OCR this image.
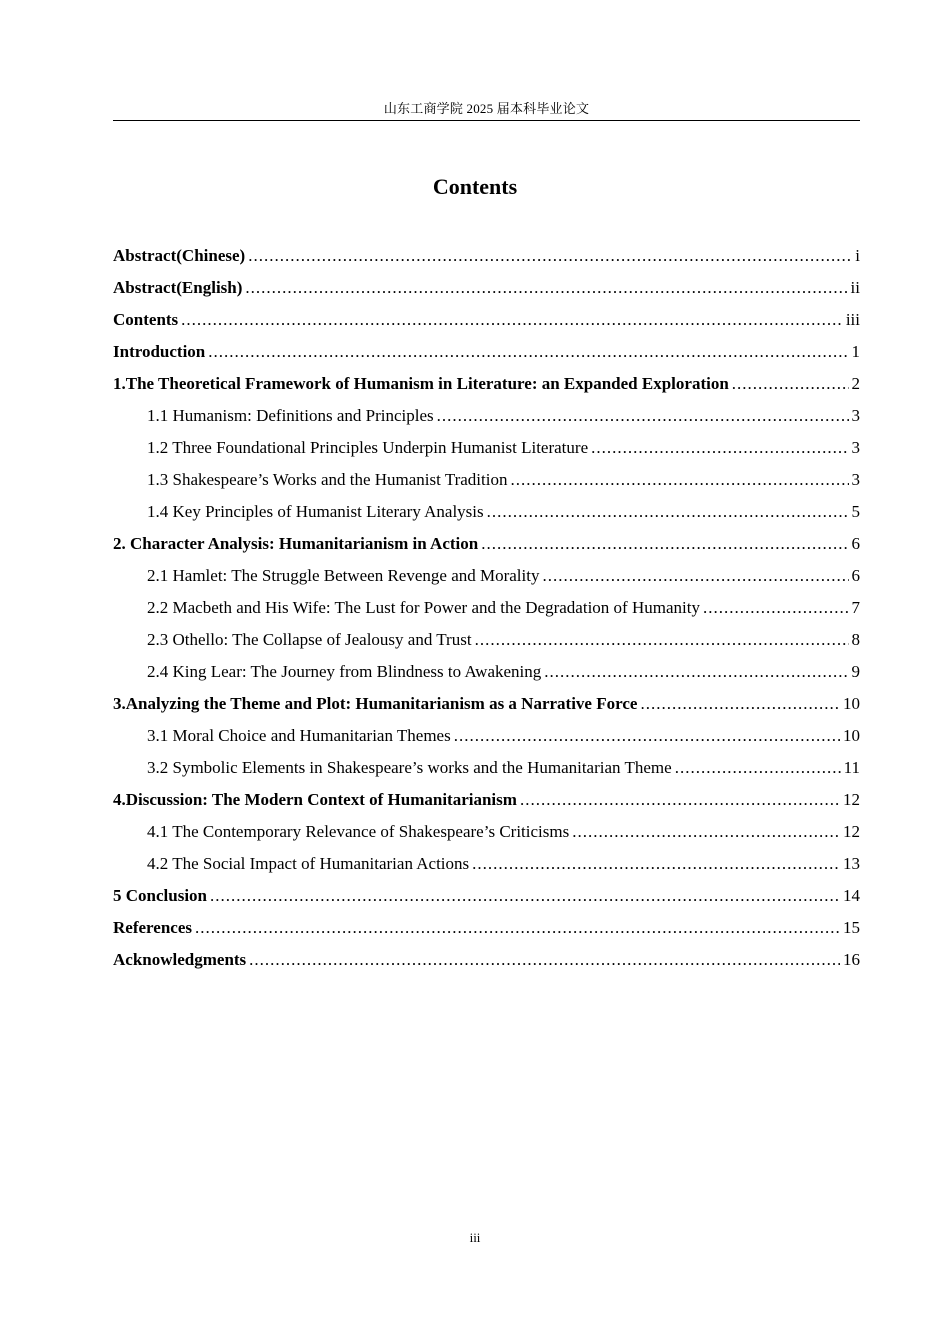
山东工商学院 2025 届本科毕业论文
Contents
Abstract(Chinese) .....	i
Abstract(English) .....	ii
Contents .....	iii
Introduction .....	1
1.The Theoretical Framework of Humanism in Literature: an Expanded Exploration .....	2
1.1 Humanism: Definitions and Principles .....	3
1.2 Three Foundational Principles Underpin Humanist Literature .....	3
1.3 Shakespeare’s Works and the Humanist Tradition .....	3
1.4 Key Principles of Humanist Literary Analysis .....	5
2. Character Analysis: Humanitarianism in Action .....	6
2.1 Hamlet: The Struggle Between Revenge and Morality .....	6
2.2 Macbeth and His Wife: The Lust for Power and the Degradation of Humanity .....	7
2.3 Othello: The Collapse of Jealousy and Trust .....	8
2.4 King Lear: The Journey from Blindness to Awakening .....	9
3.Analyzing the Theme and Plot: Humanitarianism as a Narrative Force .....	10
3.1 Moral Choice and Humanitarian Themes .....	10
3.2 Symbolic Elements in Shakespeare’s works and the Humanitarian Theme .....	11
4.Discussion: The Modern Context of Humanitarianism .....	12
4.1 The Contemporary Relevance of Shakespeare’s Criticisms .....	12
4.2 The Social Impact of Humanitarian Actions .....	13
5 Conclusion .....	14
References .....	15
Acknowledgments .....	16
iii
